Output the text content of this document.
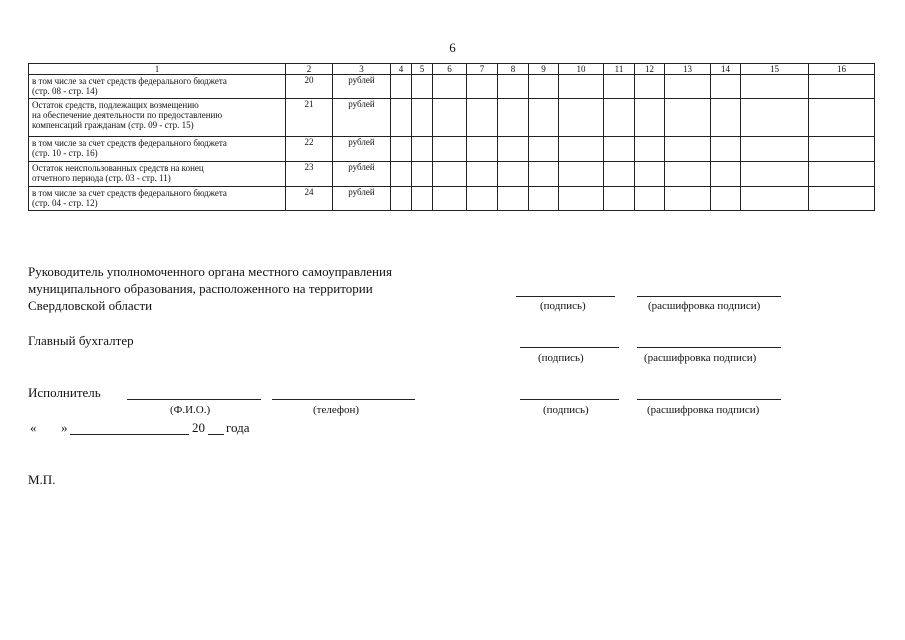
6
1	2	3	4	5	6	7	8	9	10	11	12	13	14	15	16

в том числе за счет средств федерального бюджета
(стр. 08 - стр. 14)	20	рублей													

Остаток средств, подлежащих возмещению
на обеспечение деятельности по предоставлению
компенсаций гражданам (стр. 09 - стр. 15)	21	рублей													

в том числе за счет средств федерального бюджета
(стр. 10 - стр. 16)	22	рублей													

Остаток неиспользованных средств на конец
отчетного периода (стр. 03 - стр. 11)	23	рублей													

в том числе за счет средств федерального бюджета
(стр. 04 - стр. 12)	24	рублей													
Руководитель уполномоченного органа местного самоуправления
муниципального образования, расположенного на территории
Свердловской области	(подпись)	(расшифровка подписи)
Главный бухгалтер
(подпись)	(расшифровка подписи)
Исполнитель
(Ф.И.О.)	(телефон)	(подпись)	(расшифровка подписи)
« »	20 года
М.П.
